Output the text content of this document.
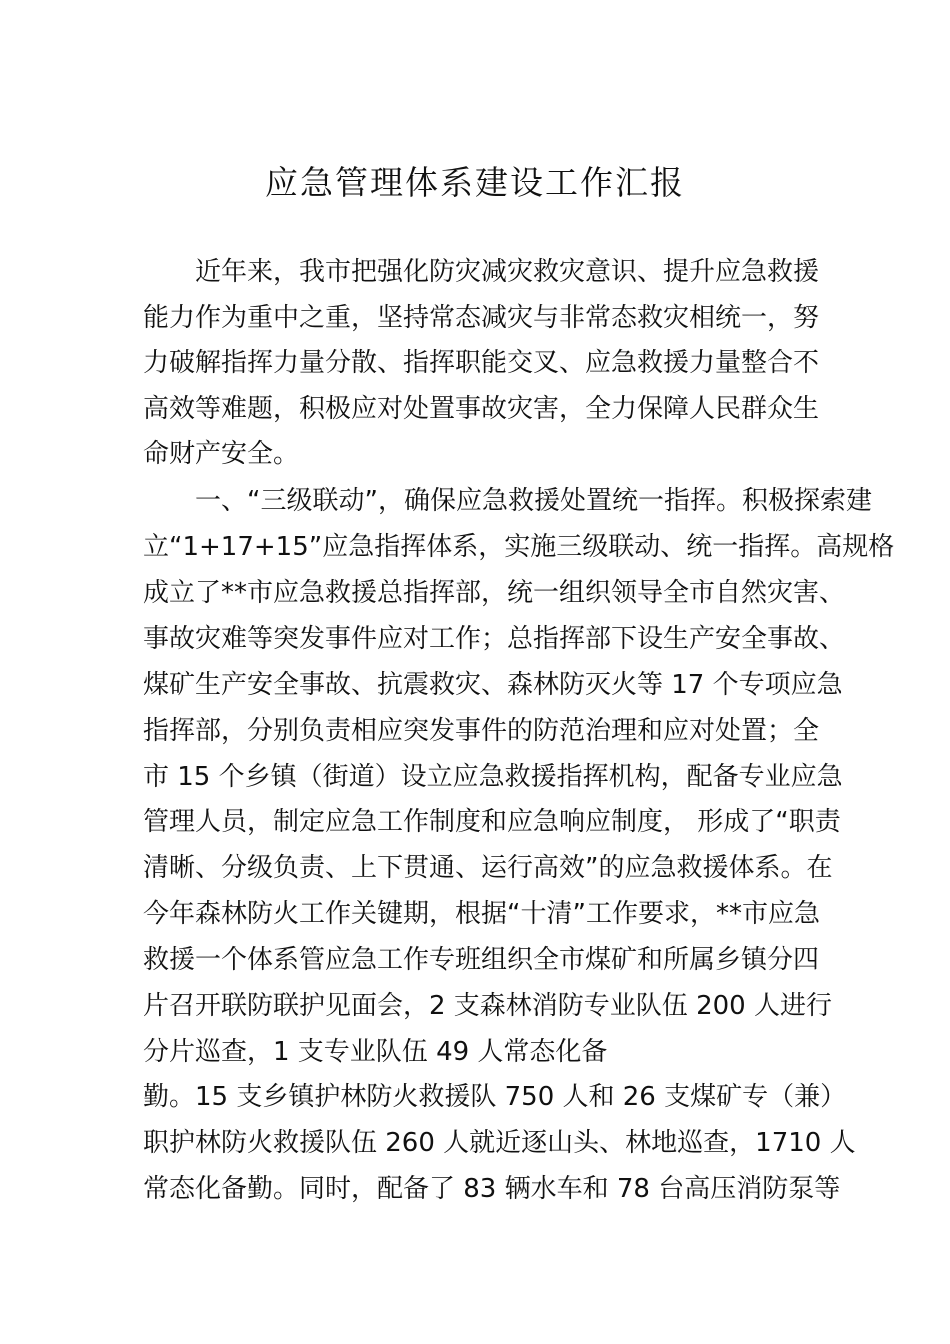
应急管理体系建设工作汇报

近年来，我市把强化防灾减灾救灾意识、提升应急救援

能力作为重中之重，坚持常态减灾与非常态救灾相统一，努

力破解指挥力量分散、指挥职能交叉、应急救援力量整合不

高效等难题，积极应对处置事故灾害，全力保障人民群众生

命财产安全。

一、“三级联动”，确保应急救援处置统一指挥。积极探索建

立“1+17+15”应急指挥体系，实施三级联动、统一指挥。高规格

成立了**市应急救援总指挥部，统一组织领导全市自然灾害、

事故灾难等突发事件应对工作；总指挥部下设生产安全事故、

煤矿生产安全事故、抗震救灾、森林防灭火等 17 个专项应急

指挥部，分别负责相应突发事件的防范治理和应对处置；全

市 15 个乡镇（街道）设立应急救援指挥机构，配备专业应急

管理人员，制定应急工作制度和应急响应制度， 形成了“职责

清晰、分级负责、上下贯通、运行高效”的应急救援体系。在

今年森林防火工作关键期，根据“十清”工作要求，**市应急

救援一个体系管应急工作专班组织全市煤矿和所属乡镇分四

片召开联防联护见面会，2 支森林消防专业队伍 200 人进行

分片巡查，1 支专业队伍 49 人常态化备

勤。15 支乡镇护林防火救援队 750 人和 26 支煤矿专（兼）

职护林防火救援队伍 260 人就近逐山头、林地巡查，1710 人

常态化备勤。同时，配备了 83 辆水车和 78 台高压消防泵等
